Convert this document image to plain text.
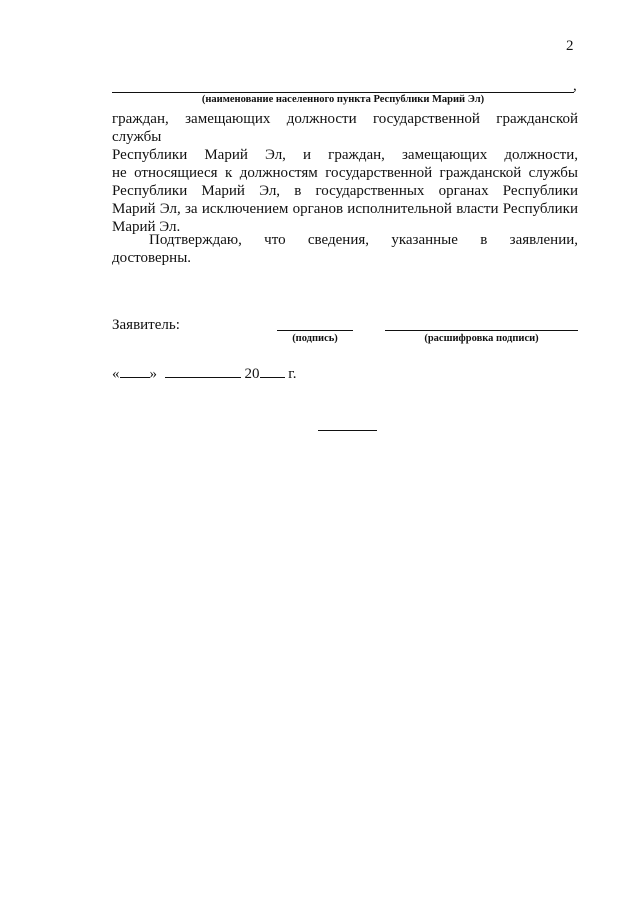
2
,
(наименование населенного пункта Республики Марий Эл)
граждан, замещающих должности государственной гражданской службы
Республики Марий Эл, и граждан, замещающих должности,
не относящиеся к должностям государственной гражданской службы
Республики Марий Эл, в государственных органах Республики
Марий Эл, за исключением органов исполнительной власти Республики
Марий Эл.
Подтверждаю, что сведения, указанные в заявлении,
достоверны.
Заявитель:
(подпись)	(расшифровка подписи)
« »	20 г.
